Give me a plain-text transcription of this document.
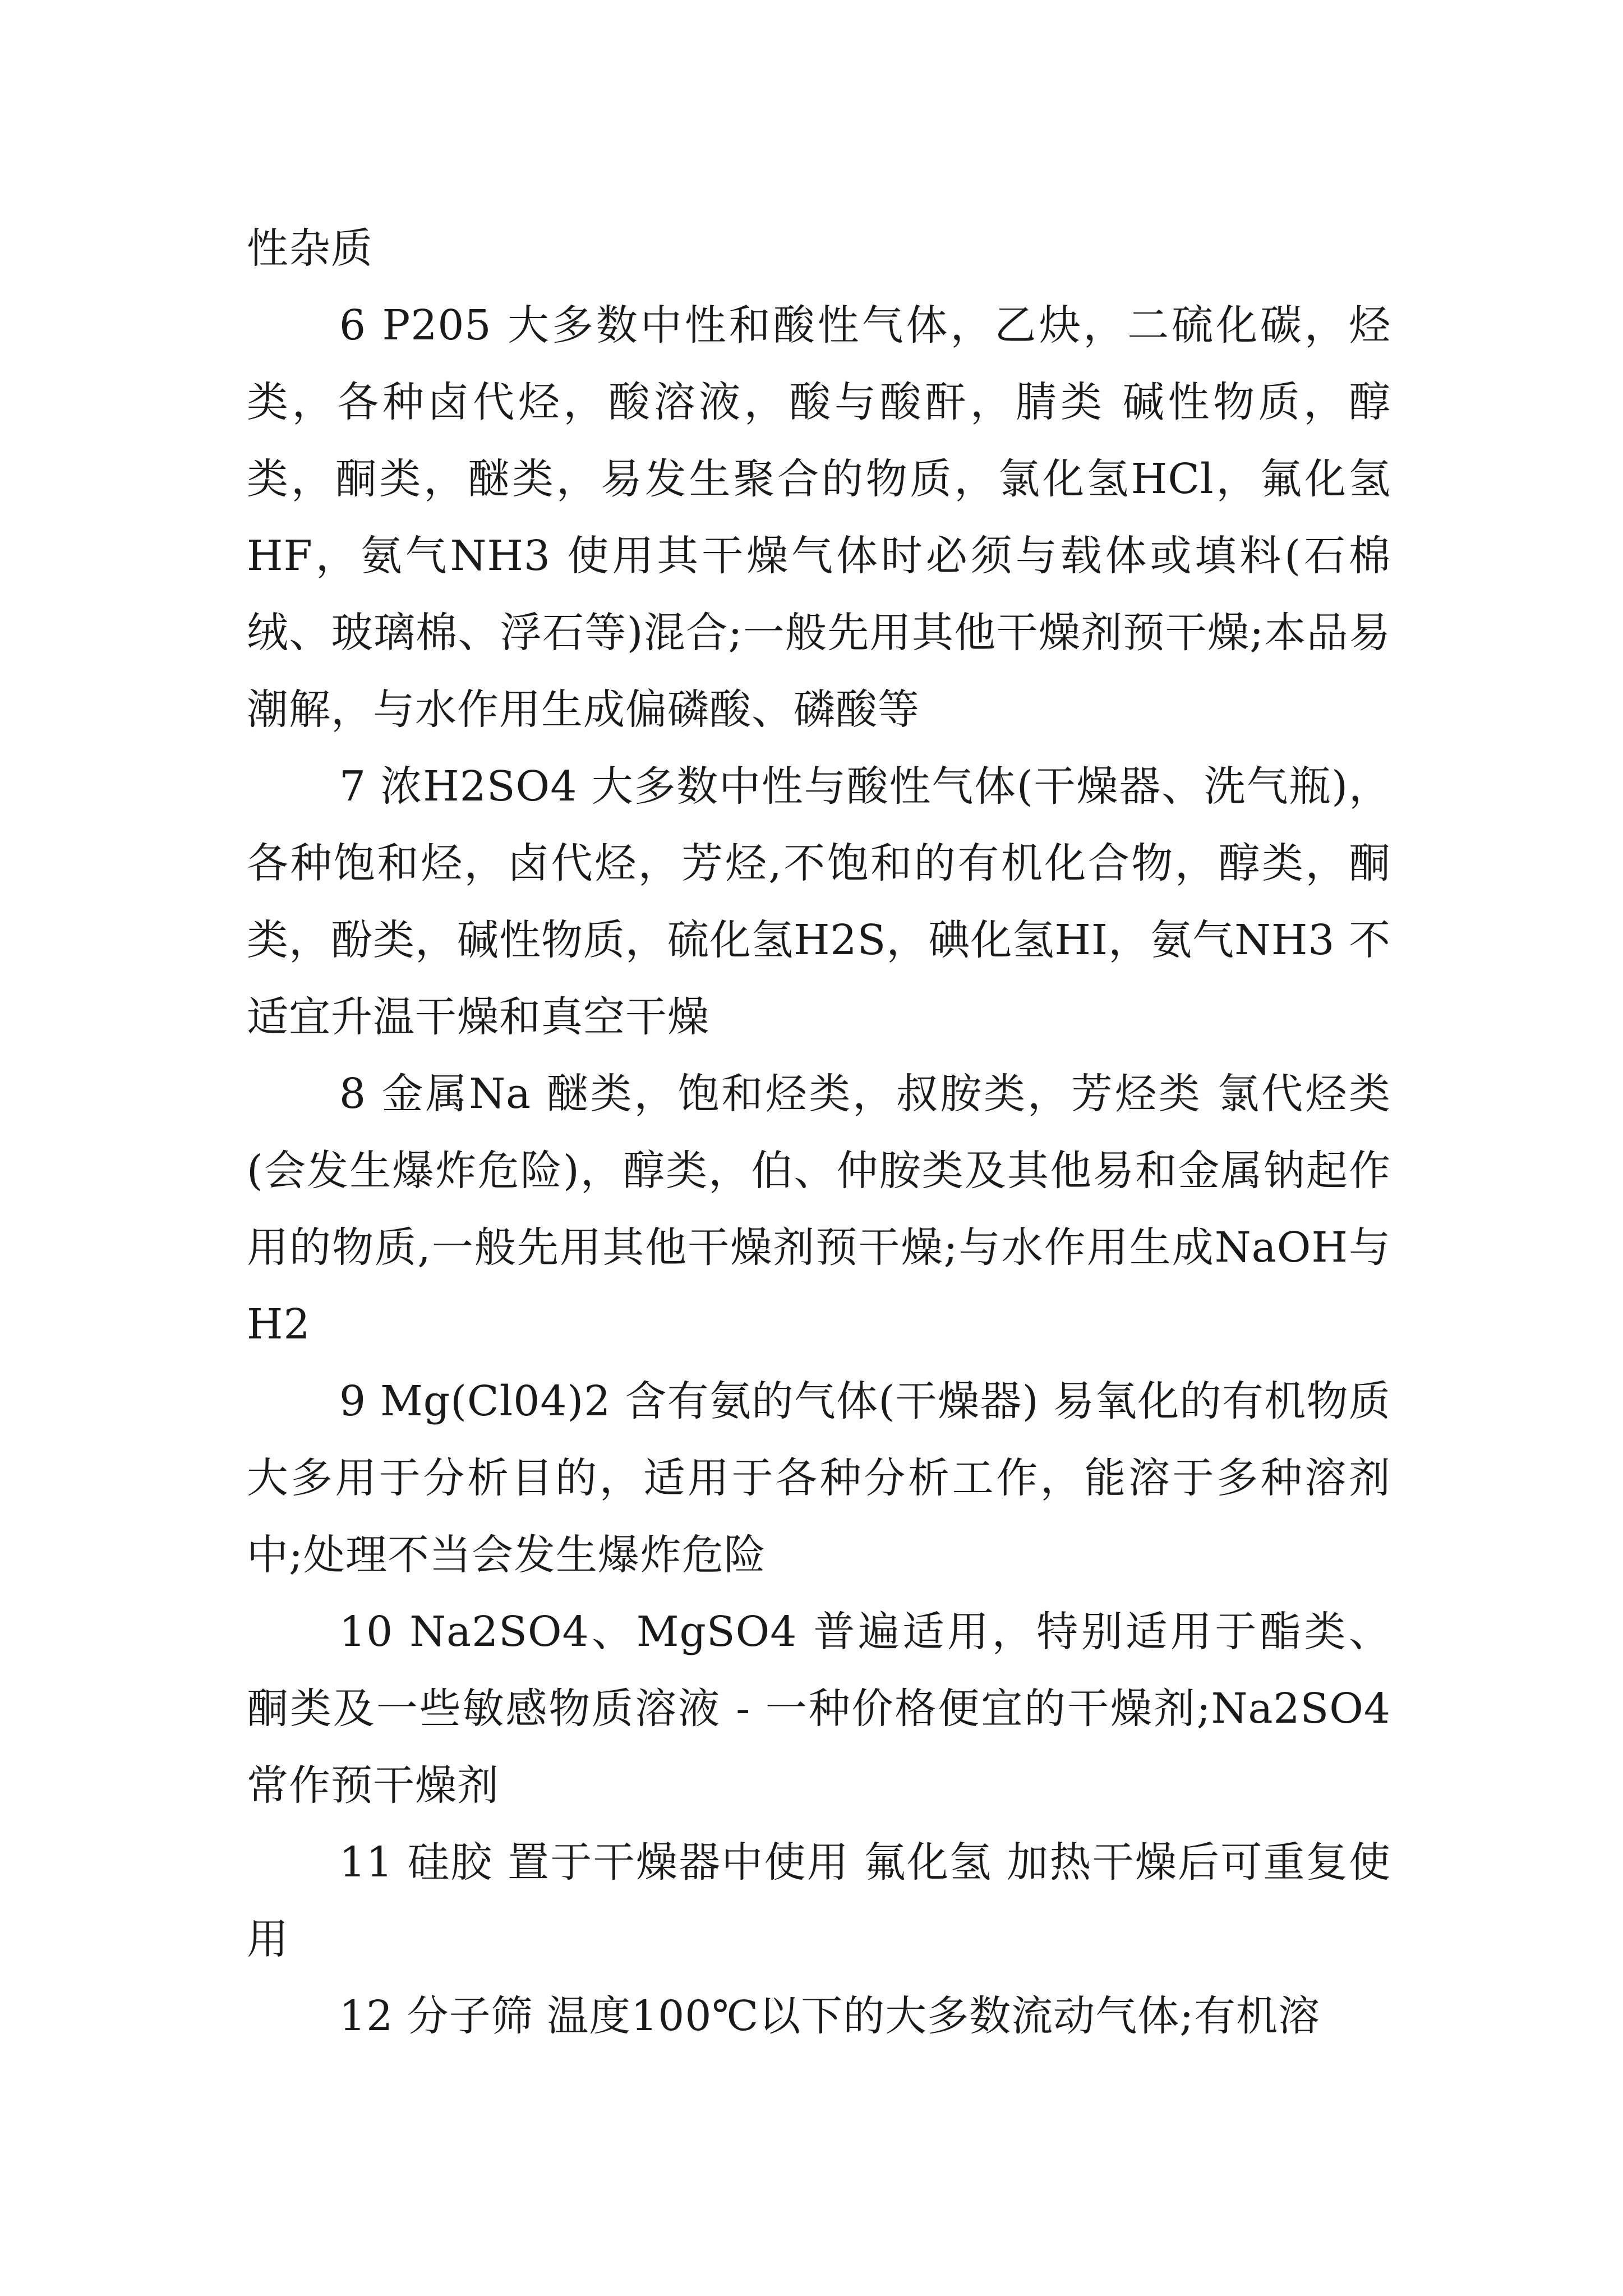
性杂质

6 P205 大多数中性和酸性气体，乙炔，二硫化碳，烃类，各种卤代烃，酸溶液，酸与酸酐，腈类 碱性物质，醇类，酮类，醚类，易发生聚合的物质，氯化氢HCl，氟化氢HF，氨气NH3 使用其干燥气体时必须与载体或填料(石棉绒、玻璃棉、浮石等)混合;一般先用其他干燥剂预干燥;本品易潮解，与水作用生成偏磷酸、磷酸等

7 浓H2SO4 大多数中性与酸性气体(干燥器、洗气瓶)，各种饱和烃，卤代烃，芳烃,不饱和的有机化合物，醇类，酮类，酚类，碱性物质，硫化氢H2S，碘化氢HI，氨气NH3 不适宜升温干燥和真空干燥

8 金属Na 醚类，饱和烃类，叔胺类，芳烃类 氯代烃类(会发生爆炸危险)，醇类，伯、仲胺类及其他易和金属钠起作用的物质,一般先用其他干燥剂预干燥;与水作用生成NaOH与H2

9 Mg(Cl04)2 含有氨的气体(干燥器) 易氧化的有机物质 大多用于分析目的，适用于各种分析工作，能溶于多种溶剂中;处理不当会发生爆炸危险

10 Na2SO4、MgSO4 普遍适用，特别适用于酯类、酮类及一些敏感物质溶液 - 一种价格便宜的干燥剂;Na2SO4常作预干燥剂

11 硅胶 置于干燥器中使用 氟化氢 加热干燥后可重复使用

12 分子筛 温度100℃以下的大多数流动气体;有机溶
